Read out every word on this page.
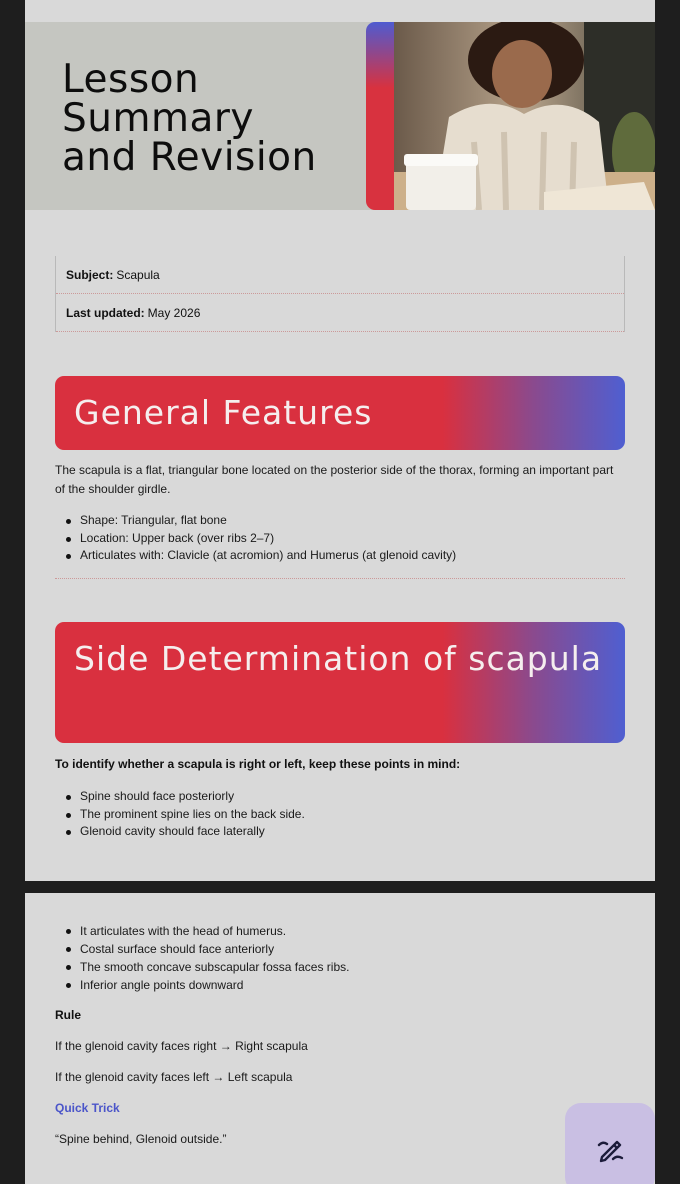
Lesson
Summary
and Revision
Subject: Scapula
Last updated: May 2026
General Features

The scapula is a flat, triangular bone located on the posterior side of the thorax, forming an important part of the shoulder girdle.

Shape: Triangular, flat bone
Location: Upper back (over ribs 2–7)
Articulates with: Clavicle (at acromion) and Humerus (at glenoid cavity)
Side Determination of scapula
To identify whether a scapula is right or left, keep these points in mind:
Spine should face posteriorly
The prominent spine lies on the back side.
Glenoid cavity should face laterally
It articulates with the head of humerus.
Costal surface should face anteriorly
The smooth concave subscapular fossa faces ribs.
Inferior angle points downward
Rule
If the glenoid cavity faces right → Right scapula
If the glenoid cavity faces left → Left scapula
Quick Trick
“Spine behind, Glenoid outside.”
